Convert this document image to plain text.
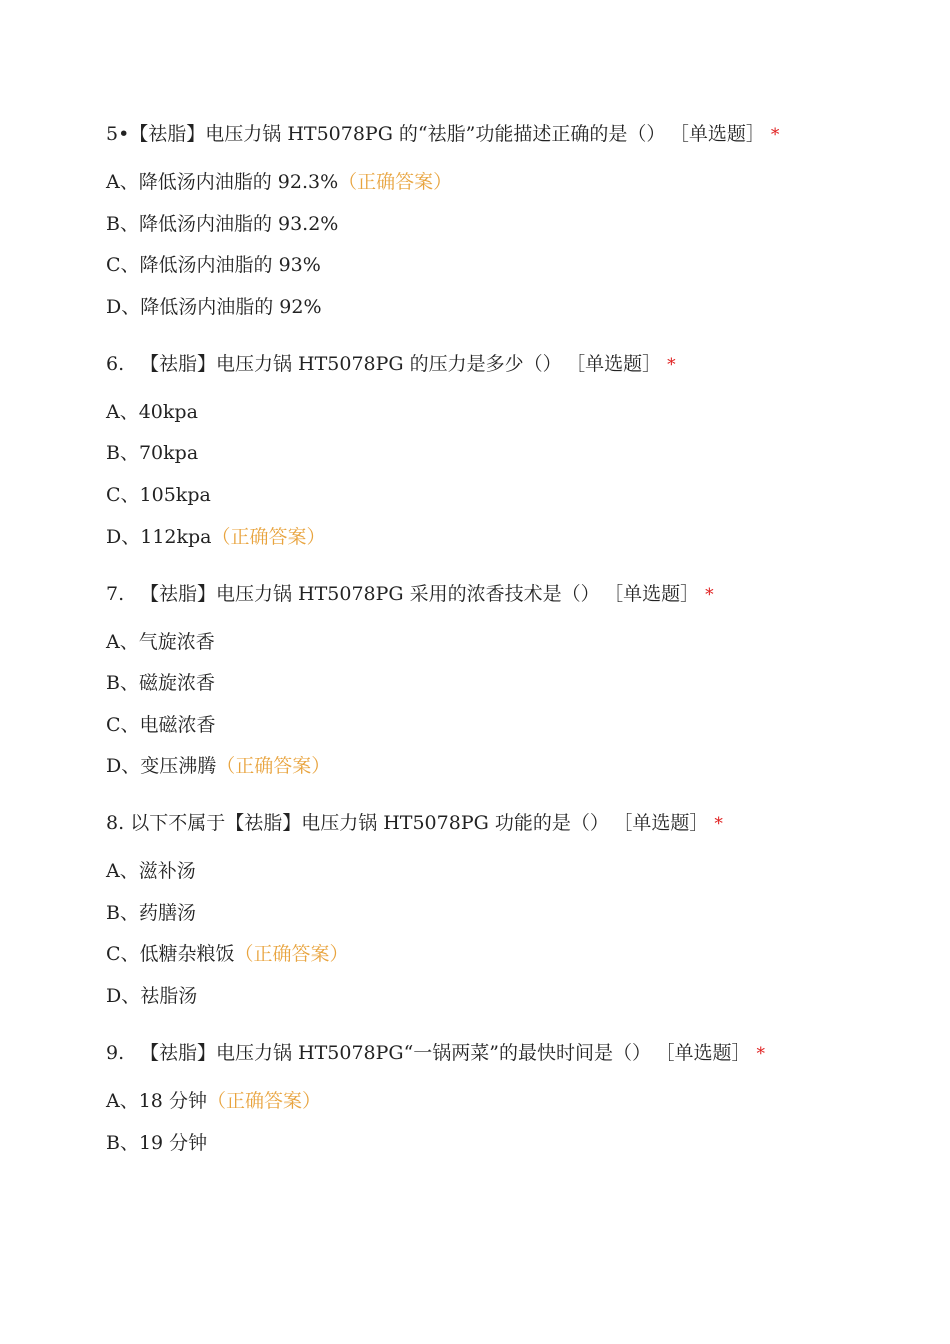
5•【祛脂】电压力锅 HT5078PG 的“祛脂”功能描述正确的是（） ［单选题］ *
A、降低汤内油脂的 92.3%（正确答案）
B、降低汤内油脂的 93.2%
C、降低汤内油脂的 93%
D、降低汤内油脂的 92%
6. 【祛脂】电压力锅 HT5078PG 的压力是多少（） ［单选题］ *
A、40kpa
B、70kpa
C、105kpa
D、112kpa（正确答案）
7. 【祛脂】电压力锅 HT5078PG 采用的浓香技术是（） ［单选题］ *
A、气旋浓香
B、磁旋浓香
C、电磁浓香
D、变压沸腾（正确答案）
8. 以下不属于【祛脂】电压力锅 HT5078PG 功能的是（） ［单选题］ *
A、滋补汤
B、药膳汤
C、低糖杂粮饭（正确答案）
D、祛脂汤
9. 【祛脂】电压力锅 HT5078PG“一锅两菜”的最快时间是（） ［单选题］ *
A、18 分钟（正确答案）
B、19 分钟
